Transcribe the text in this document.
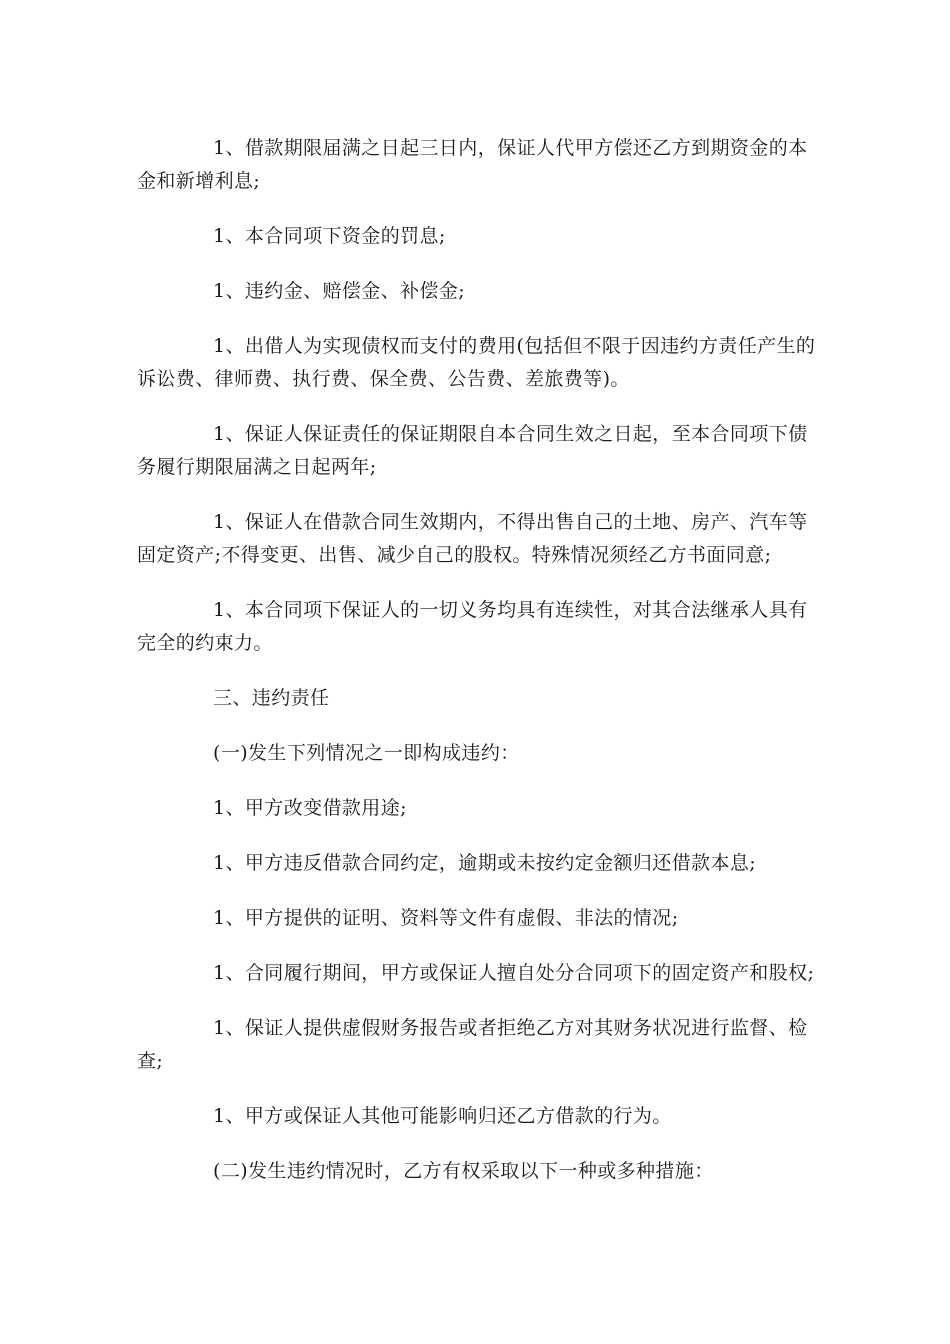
1、借款期限届满之日起三日内，保证人代甲方偿还乙方到期资金的本金和新增利息;

1、本合同项下资金的罚息;

1、违约金、赔偿金、补偿金;

1、出借人为实现债权而支付的费用(包括但不限于因违约方责任产生的诉讼费、律师费、执行费、保全费、公告费、差旅费等)。

1、保证人保证责任的保证期限自本合同生效之日起，至本合同项下债务履行期限届满之日起两年;

1、保证人在借款合同生效期内，不得出售自己的土地、房产、汽车等固定资产;不得变更、出售、减少自己的股权。特殊情况须经乙方书面同意;

1、本合同项下保证人的一切义务均具有连续性，对其合法继承人具有完全的约束力。

三、违约责任

(一)发生下列情况之一即构成违约：

1、甲方改变借款用途;

1、甲方违反借款合同约定，逾期或未按约定金额归还借款本息;

1、甲方提供的证明、资料等文件有虚假、非法的情况;

1、合同履行期间，甲方或保证人擅自处分合同项下的固定资产和股权;

1、保证人提供虚假财务报告或者拒绝乙方对其财务状况进行监督、检查;

1、甲方或保证人其他可能影响归还乙方借款的行为。

(二)发生违约情况时，乙方有权采取以下一种或多种措施：
